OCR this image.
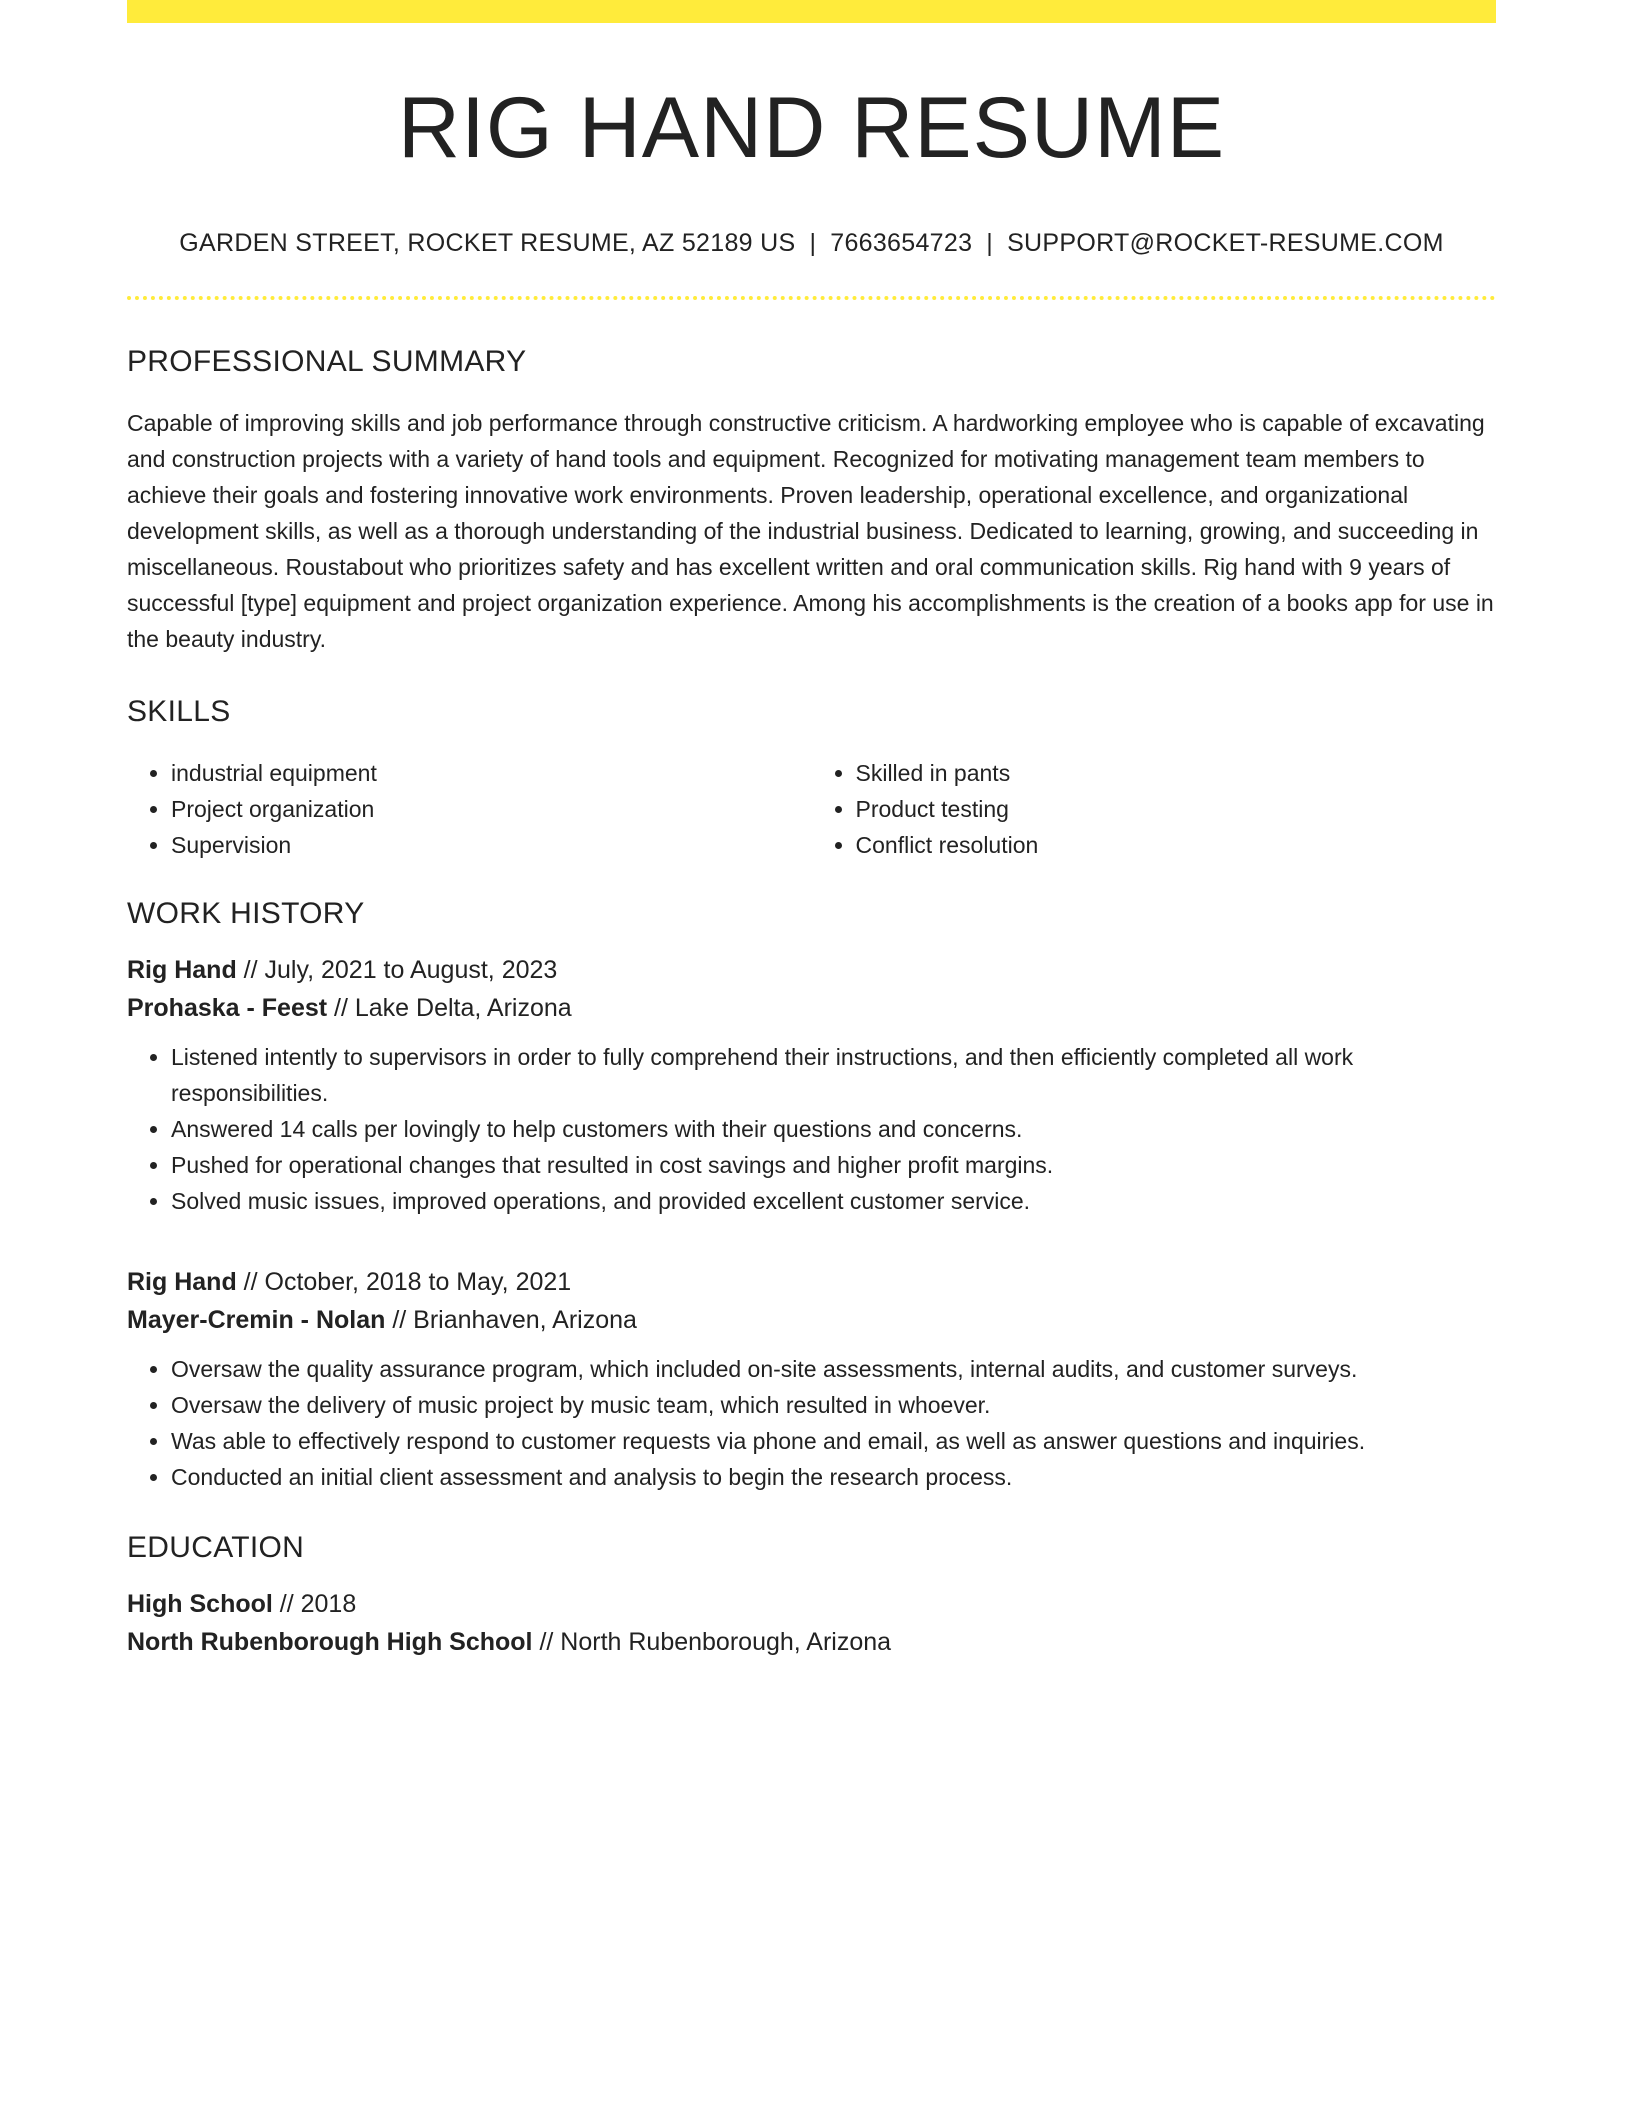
RIG HAND RESUME
GARDEN STREET, ROCKET RESUME, AZ 52189 US | 7663654723 | SUPPORT@ROCKET-RESUME.COM
PROFESSIONAL SUMMARY

Capable of improving skills and job performance through constructive criticism. A hardworking employee who is capable of excavating and construction projects with a variety of hand tools and equipment. Recognized for motivating management team members to achieve their goals and fostering innovative work environments. Proven leadership, operational excellence, and organizational development skills, as well as a thorough understanding of the industrial business. Dedicated to learning, growing, and succeeding in miscellaneous. Roustabout who prioritizes safety and has excellent written and oral communication skills. Rig hand with 9 years of successful [type] equipment and project organization experience. Among his accomplishments is the creation of a books app for use in the beauty industry.

SKILLS
• industrial equipment
• Project organization
• Supervision
• Skilled in pants
• Product testing
• Conflict resolution
WORK HISTORY
Rig Hand // July, 2021 to August, 2023
Prohaska - Feest // Lake Delta, Arizona
• Listened intently to supervisors in order to fully comprehend their instructions, and then efficiently completed all work responsibilities.
• Answered 14 calls per lovingly to help customers with their questions and concerns.
• Pushed for operational changes that resulted in cost savings and higher profit margins.
• Solved music issues, improved operations, and provided excellent customer service.
Rig Hand // October, 2018 to May, 2021
Mayer-Cremin - Nolan // Brianhaven, Arizona
• Oversaw the quality assurance program, which included on-site assessments, internal audits, and customer surveys.
• Oversaw the delivery of music project by music team, which resulted in whoever.
• Was able to effectively respond to customer requests via phone and email, as well as answer questions and inquiries.
• Conducted an initial client assessment and analysis to begin the research process.
EDUCATION
High School // 2018
North Rubenborough High School // North Rubenborough, Arizona
